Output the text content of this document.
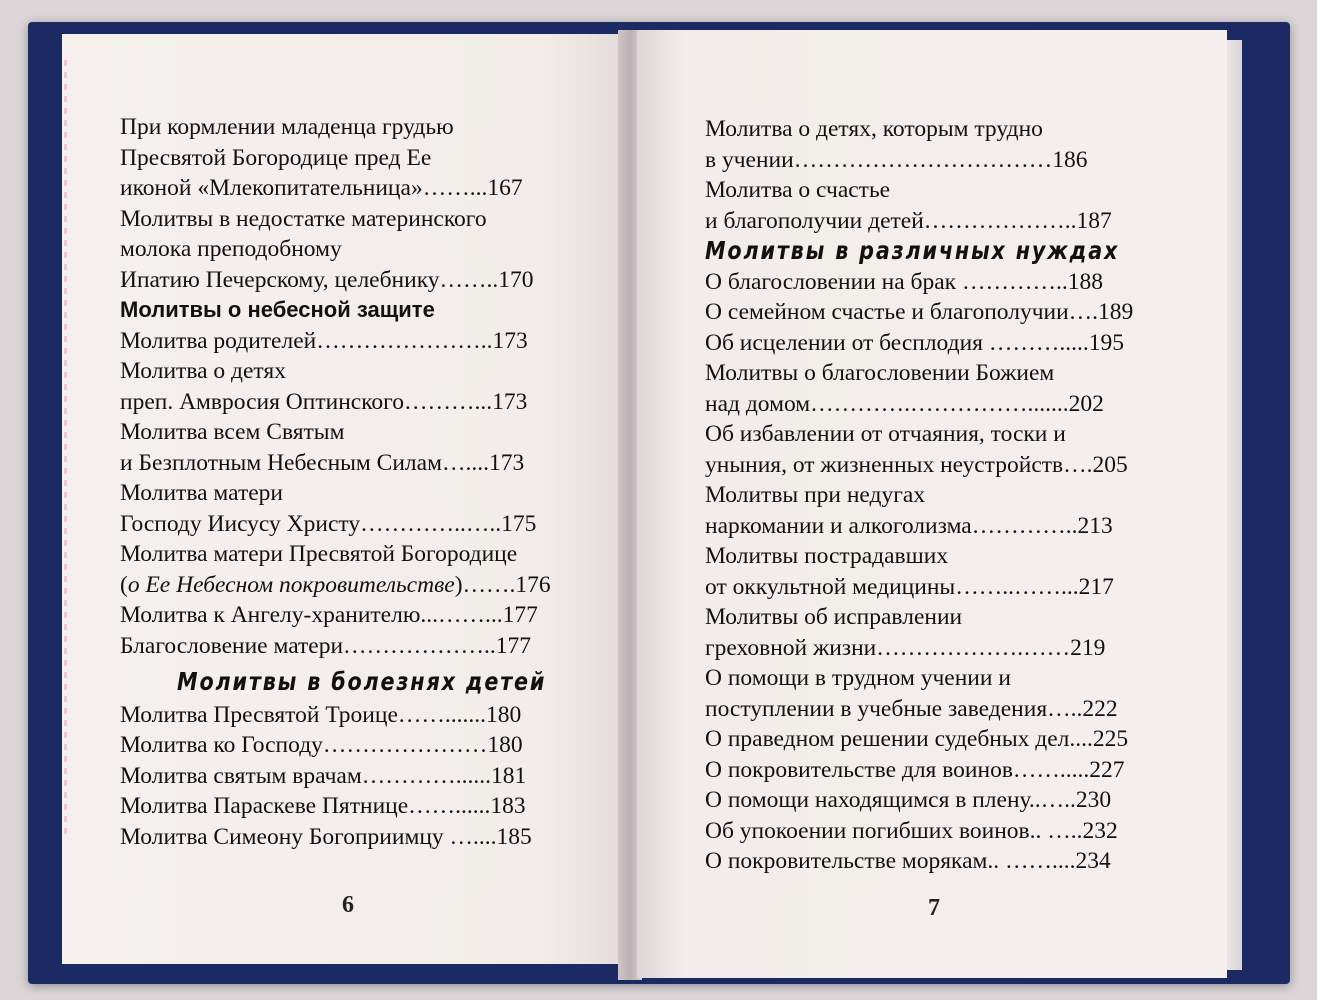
При кормлении младенца грудью
Пресвятой Богородице пред Ее
иконой «Млекопитательница»……...167
Молитвы в недостатке материнского
молока преподобному
Ипатию Печерскому, целебнику……..170
Молитвы о небесной защите
Молитва родителей…………………..173
Молитва о детях
преп. Амвросия Оптинского………...173
Молитва всем Святым
и Безплотным Небесным Силам…....173
Молитва матери
Господу Иисусу Христу…………..…..175
Молитва матери Пресвятой Богородице
(о Ее Небесном покровительстве)…….176
Молитва к Ангелу-хранителю...……...177
Благословение матери………………..177
Молитвы в болезнях детей
Молитва Пресвятой Троице…….......180
Молитва ко Господу…………………180
Молитва святым врачам…………......181
Молитва Параскеве Пятнице……......183
Молитва Симеону Богоприимцу …....185
Молитва о детях, которым трудно
в учении……………………………186
Молитва о счастье
и благополучии детей………………..187
Молитвы в различных нуждах
О благословении на брак …………..188
О семейном счастье и благополучии….189
Об исцелении от бесплодия ……….....195
Молитвы о благословении Божием
над домом………….…………….......202
Об избавлении от отчаяния, тоски и
уныния, от жизненных неустройств….205
Молитвы при недугах
наркомании и алкоголизма…………..213
Молитвы пострадавших
от оккультной медицины……..……...217
Молитвы об исправлении
греховной жизни……………….……219
О помощи в трудном учении и
поступлении в учебные заведения…..222
О праведном решении судебных дел....225
О покровительстве для воинов…….....227
О помощи находящимся в плену..…..230
Об упокоении погибших воинов.. …..232
О покровительстве морякам.. ……....234
6	7
